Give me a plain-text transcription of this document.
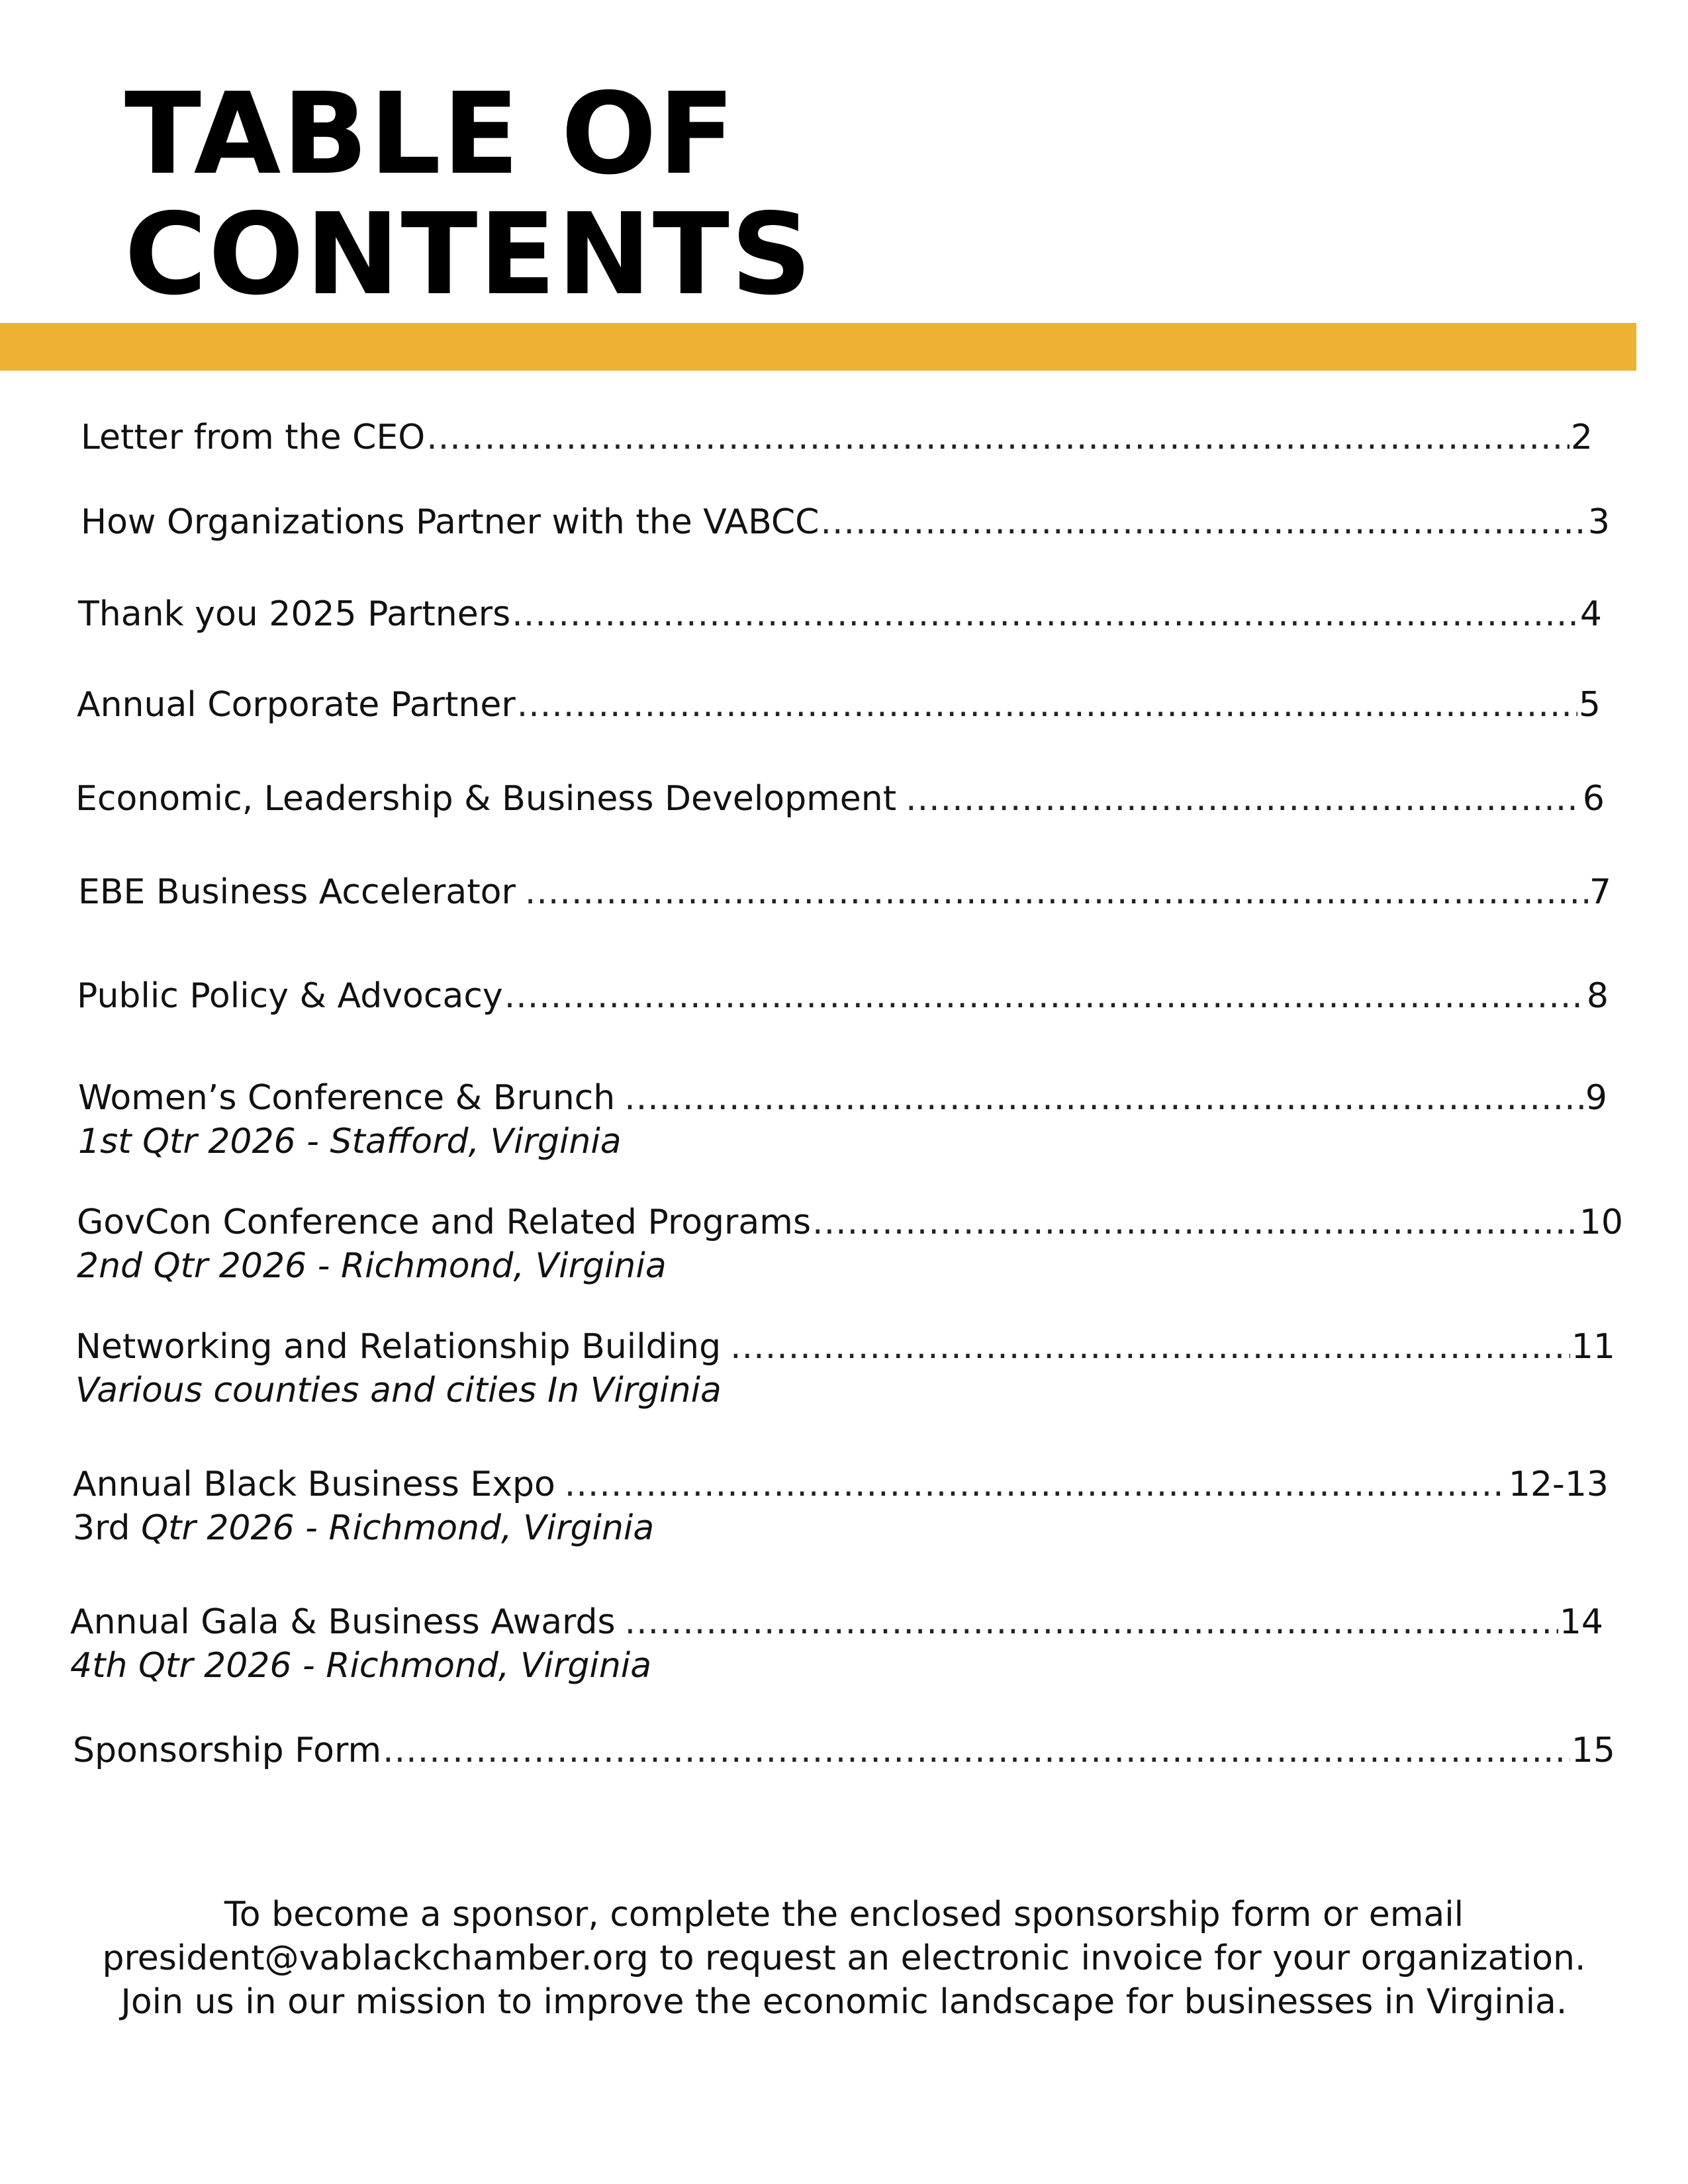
TABLE OF
CONTENTS
Letter from the CEO .....	2
How Organizations Partner with the VABCC .....	3
Thank you 2025 Partners .....	4
Annual Corporate Partner .....	5
Economic, Leadership & Business Development .....	6
EBE Business Accelerator .....	7
Public Policy & Advocacy .....	8
Women’s Conference & Brunch .....	9
1st Qtr 2026 - Stafford, Virginia
GovCon Conference and Related Programs .....	10
2nd Qtr 2026 - Richmond, Virginia
Networking and Relationship Building .....	11
Various counties and cities In Virginia
Annual Black Business Expo .....	12-13
3rd Qtr 2026 - Richmond, Virginia
Annual Gala & Business Awards .....	14
4th Qtr 2026 - Richmond, Virginia
Sponsorship Form .....	15
To become a sponsor, complete the enclosed sponsorship form or email
president@vablackchamber.org to request an electronic invoice for your organization.
Join us in our mission to improve the economic landscape for businesses in Virginia.
